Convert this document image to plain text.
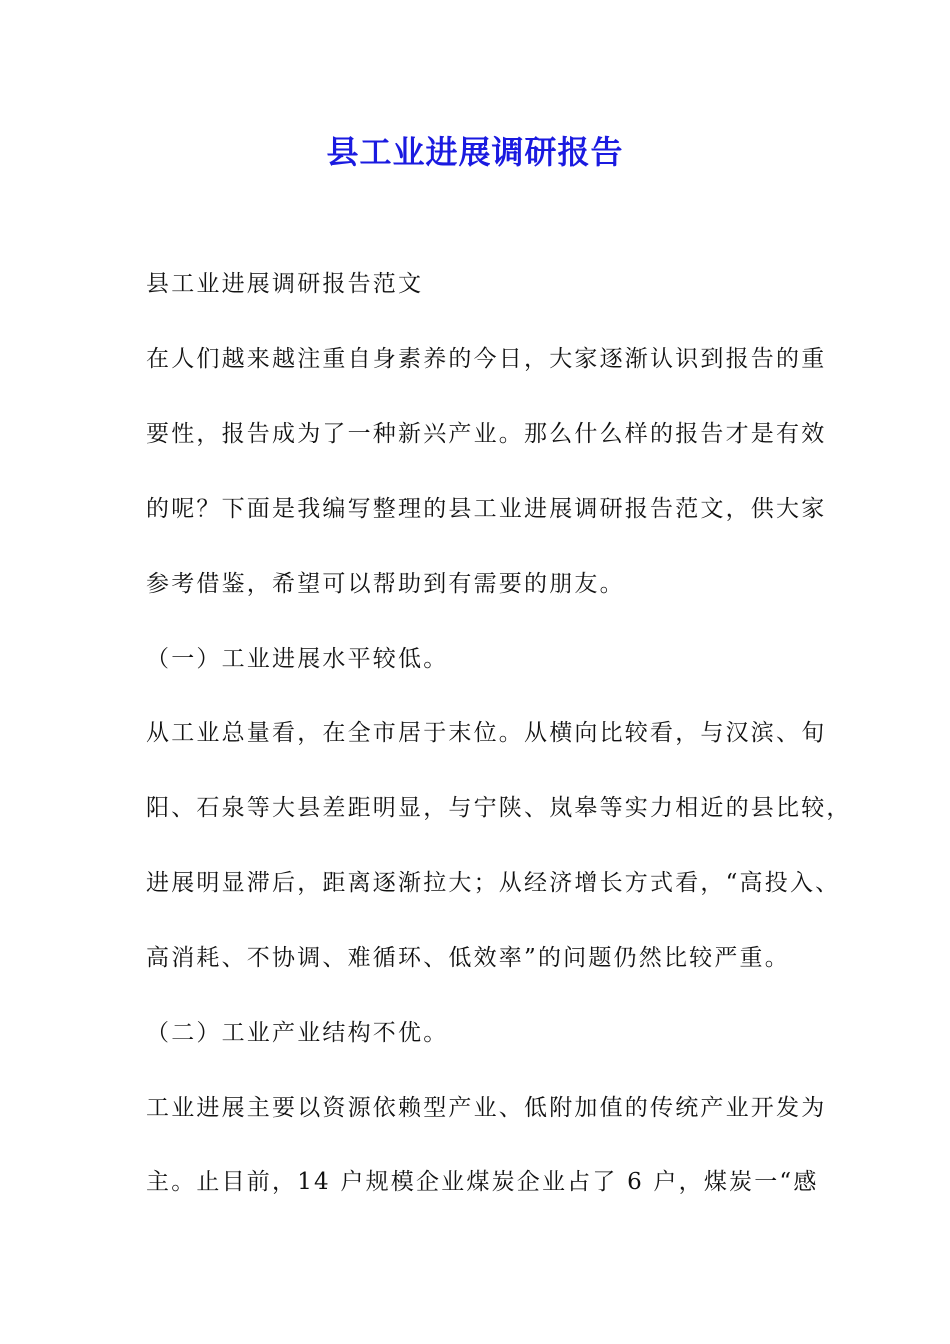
县工业进展调研报告
县工业进展调研报告范文
在人们越来越注重自身素养的今日，大家逐渐认识到报告的重
要性，报告成为了一种新兴产业。那么什么样的报告才是有效
的呢？下面是我编写整理的县工业进展调研报告范文，供大家
参考借鉴，希望可以帮助到有需要的朋友。
（一）工业进展水平较低。
从工业总量看，在全市居于末位。从横向比较看，与汉滨、旬
阳、石泉等大县差距明显，与宁陕、岚皋等实力相近的县比较，
进展明显滞后，距离逐渐拉大；从经济增长方式看，“高投入、
高消耗、不协调、难循环、低效率”的问题仍然比较严重。
（二）工业产业结构不优。
工业进展主要以资源依赖型产业、低附加值的传统产业开发为
主。止目前，14 户规模企业煤炭企业占了 6 户，煤炭一“感
